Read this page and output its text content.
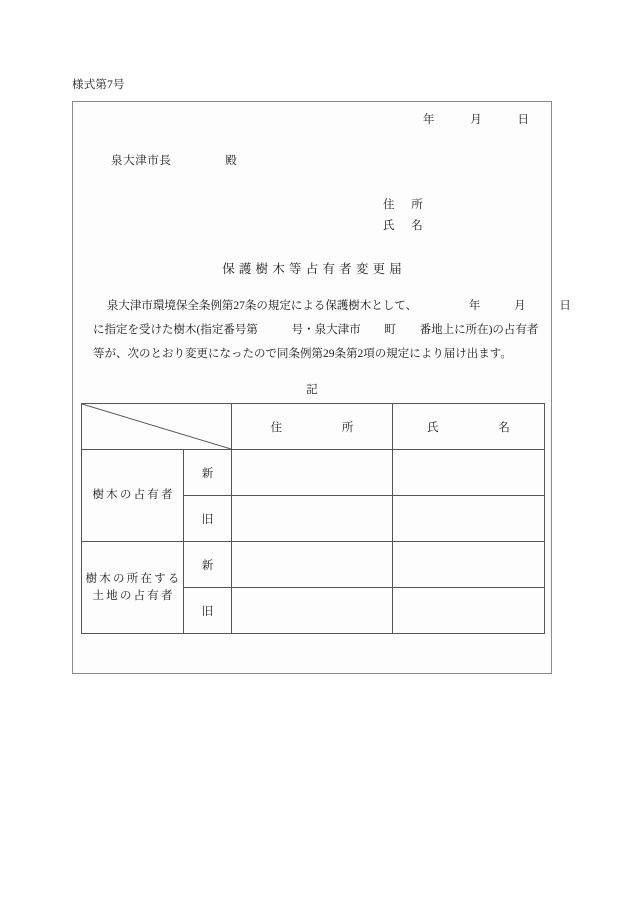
様式第7号
年	月	日
泉大津市長	殿
住 所
氏 名
保護樹木等占有者変更届
泉大津市環境保全条例第27条の規定による保護樹木として、	年	月	日
に指定を受けた樹木(指定番号第	号・泉大津市 町 番地上に所在)の占有者
等が、次のとおり変更になったので同条例第29条第2項の規定により届け出ます。
記
	住 所	氏 名

樹木の占有者	新		
	旧		

樹木の所在する
土地の占有者	新		
	旧		
